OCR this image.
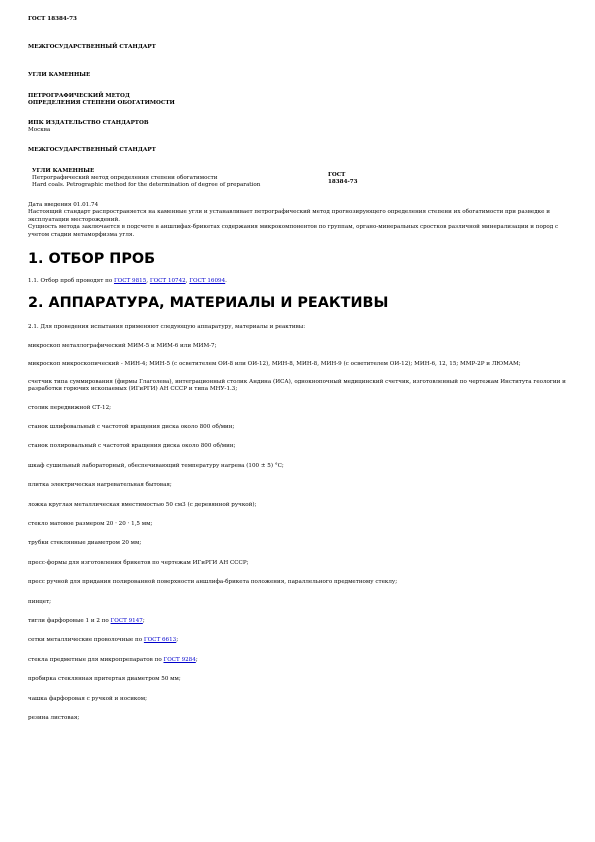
ГОСТ 18384-73

МЕЖГОСУДАРСТВЕННЫЙ СТАНДАРТ

УГЛИ КАМЕННЫЕ

ПЕТРОГРАФИЧЕСКИЙ МЕТОД

ОПРЕДЕЛЕНИЯ СТЕПЕНИ ОБОГАТИМОСТИ

ИПК ИЗДАТЕЛЬСТВО СТАНДАРТОВ

Москва

МЕЖГОСУДАРСТВЕННЫЙ СТАНДАРТ

УГЛИ КАМЕННЫЕ

Петрографический метод определения степени обогатимости

Hard coals. Petrographic method for the determination of degree of preparation

ГОСТ

18384-73

Дата введения 01.01.74

Настоящий стандарт распространяется на каменные угли и устанавливает петрографический метод прогнозирующего определения степени их обогатимости при разведке и эксплуатации месторождений.

Сущность метода заключается в подсчете в аншлифах-брикетах содержания микрокомпонентов по группам, органо-минеральных сростков различной минерализации и пород с учетом стадии метаморфизма угля.

1. ОТБОР ПРОБ

1.1. Отбор проб проводят по ГОСТ 9815, ГОСТ 10742, ГОСТ 16094.

2. АППАРАТУРА, МАТЕРИАЛЫ И РЕАКТИВЫ

2.1. Для проведения испытания применяют следующую аппаратуру, материалы и реактивы:

микроскоп металлографический МИМ-5 и МИМ-6 или МИМ-7;

микроскоп микроскопический - МИН-4; МИН-5 (с осветителем ОИ-8 или ОИ-12), МИН-8, МИН-8, МИН-9 (с осветителем ОИ-12); МИН-6, 12, 15; ММР-2Р и ЛЮМАМ;

счетчик типа суммирования (фирмы Глаголева), интеграционный столик Андина (ИСА), однокнопочный медицинский счетчик, изготовленный по чертежам Института геологии и разработки горючих ископаемых (ИГиРГИ) АН СССР и типа МНУ-1.3;

столик передвижной СТ-12;

станок шлифовальный с частотой вращения диска около 800 об/мин;

станок полировальный с частотой вращения диска около 800 об/мин;

шкаф сушильный лабораторный, обеспечивающий температуру нагрева (100 ± 5) °С;

плитка электрическая нагревательная бытовая;

ложка круглая металлическая вместимостью 50 см3 (с деревянной ручкой);

стекло матовое размером 20 · 20 · 1,5 мм;

трубки стеклянные диаметром 20 мм;

пресс-формы для изготовления брикетов по чертежам ИГиРГИ АН СССР;

пресс ручной для придания полированной поверхности аншлифа-брикета положения, параллельного предметному стеклу;

пинцет;

тигли фарфоровые 1 и 2 по ГОСТ 9147;

сетки металлические проволочные по ГОСТ 6613;

стекла предметные для микропрепаратов по ГОСТ 9284;

пробирка стеклянная притертая диаметром 50 мм;

чашка фарфоровая с ручкой и носиком;

резина листовая;
